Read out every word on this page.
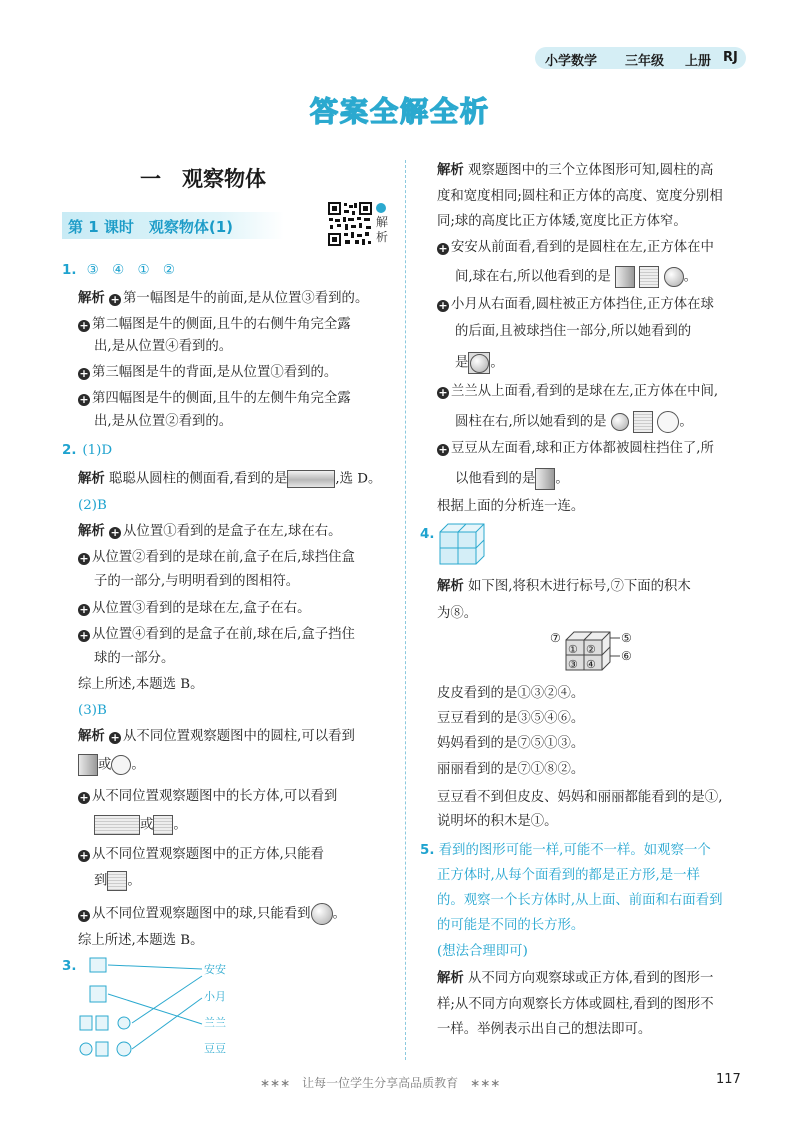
小学数学 三年级 上册 RJ
答案全解全析
一　观察物体
第 1 课时　观察物体(1)	解析
1. ③　④　①　②
解析 + 第一幅图是牛的前面,是从位置③看到的。
+ 第二幅图是牛的侧面,且牛的右侧牛角完全露
出,是从位置④看到的。
+ 第三幅图是牛的背面,是从位置①看到的。
+ 第四幅图是牛的侧面,且牛的左侧牛角完全露
出,是从位置②看到的。
2. (1)D
解析 聪聪从圆柱的侧面看,看到的是	,选 D。
(2)B
解析 + 从位置①看到的是盒子在左,球在右。
+ 从位置②看到的是球在前,盒子在后,球挡住盒
子的一部分,与明明看到的图相符。
+ 从位置③看到的是球在左,盒子在右。
+ 从位置④看到的是盒子在前,球在后,盒子挡住
球的一部分。
综上所述,本题选 B。
(3)B
解析 + 从不同位置观察题图中的圆柱,可以看到
或 。
+ 从不同位置观察题图中的长方体,可以看到
或 。
+ 从不同位置观察题图中的正方体,只能看
到 。
+ 从不同位置观察题图中的球,只能看到 。
综上所述,本题选 B。
3.	安安
小月
兰兰
豆豆
解析 观察题图中的三个立体图形可知,圆柱的高
度和宽度相同;圆柱和正方体的高度、宽度分别相
同;球的高度比正方体矮,宽度比正方体窄。
+ 安安从前面看,看到的是圆柱在左,正方体在中
间,球在右,所以他看到的是	。
+ 小月从右面看,圆柱被正方体挡住,正方体在球
的后面,且被球挡住一部分,所以她看到的
是 。
+ 兰兰从上面看,看到的是球在左,正方体在中间,
圆柱在右,所以她看到的是	。
+ 豆豆从左面看,球和正方体都被圆柱挡住了,所
以他看到的是 。
根据上面的分析连一连。
4.
解析 如下图,将积木进行标号,⑦下面的积木
为⑧。
⑦
① ②
③ ④
⑤
⑥
皮皮看到的是①③②④。
豆豆看到的是③⑤④⑥。
妈妈看到的是⑦⑤①③。
丽丽看到的是⑦①⑧②。
豆豆看不到但皮皮、妈妈和丽丽都能看到的是①,
说明坏的积木是①。
5. 看到的图形可能一样,可能不一样。如观察一个
正方体时,从每个面看到的都是正方形,是一样
的。观察一个长方体时,从上面、前面和右面看到
的可能是不同的长方形。
(想法合理即可)
解析 从不同方向观察球或正方体,看到的图形一
样;从不同方向观察长方体或圆柱,看到的图形不
一样。举例表示出自己的想法即可。
∗∗∗　让每一位学生分享高品质教育　∗∗∗	117
